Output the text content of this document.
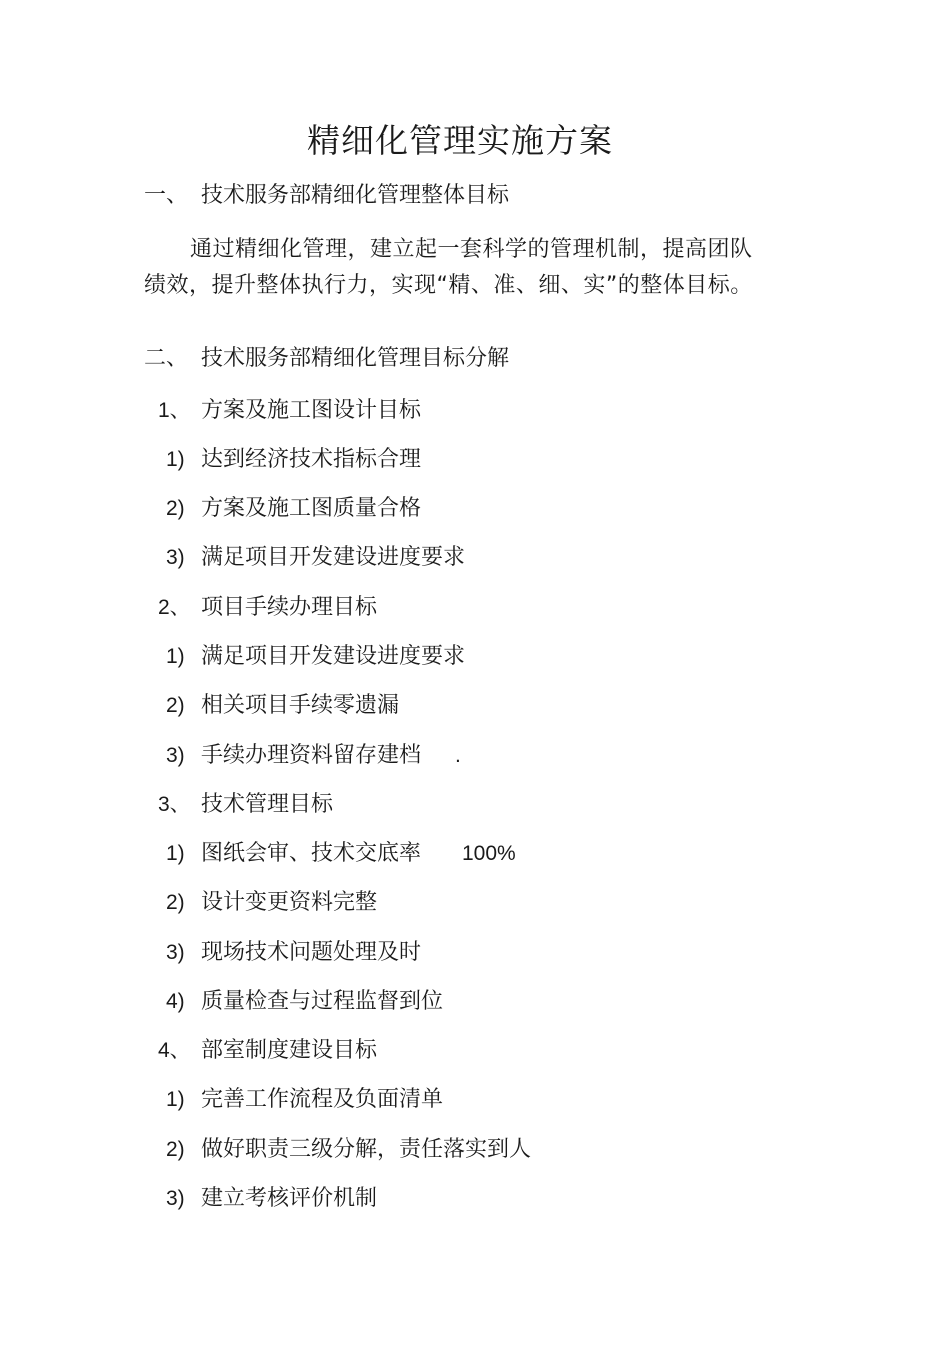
精细化管理实施方案
一、 技术服务部精细化管理整体目标
通过精细化管理，建立起一套科学的管理机制，提高团队绩效，提升整体执行力，实现“精、准、细、实”的整体目标。
二、 技术服务部精细化管理目标分解
1、 方案及施工图设计目标
1) 达到经济技术指标合理
2) 方案及施工图质量合格
3) 满足项目开发建设进度要求
2、 项目手续办理目标
1) 满足项目开发建设进度要求
2) 相关项目手续零遗漏
3) 手续办理资料留存建档 .
3、 技术管理目标
1) 图纸会审、技术交底率 100%
2) 设计变更资料完整
3) 现场技术问题处理及时
4) 质量检查与过程监督到位
4、 部室制度建设目标
1) 完善工作流程及负面清单
2) 做好职责三级分解，责任落实到人
3) 建立考核评价机制
